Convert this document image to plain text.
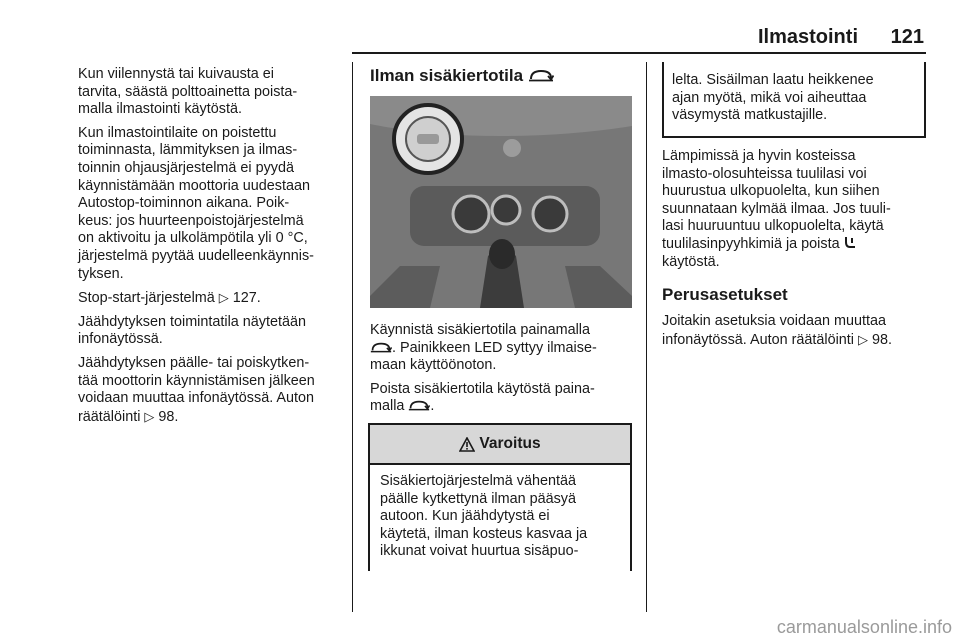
Ilmastointi 121

Kun viilennystä tai kuivausta ei
tarvita, säästä polttoainetta poista-
malla ilmastointi käytöstä.

Kun ilmastointilaite on poistettu
toiminnasta, lämmityksen ja ilmas-
toinnin ohjausjärjestelmä ei pyydä
käynnistämään moottoria uudestaan
Autostop-toiminnon aikana. Poik-
keus: jos huurteenpoistojärjestelmä
on aktivoitu ja ulkolämpötila yli 0 °C,
järjestelmä pyytää uudelleenkäynnis-
tyksen.

Stop-start-järjestelmä ▷ 127.

Jäähdytyksen toimintatila näytetään
infonäytössä.

Jäähdytyksen päälle- tai poiskytken-
tää moottorin käynnistämisen jälkeen
voidaan muuttaa infonäytössä. Auton
räätälöinti ▷ 98.

Ilman sisäkiertotila

Käynnistä sisäkiertotila painamalla
. Painikkeen LED syttyy ilmaise-
maan käyttöönoton.

Poista sisäkiertotila käytöstä paina-
malla .

Varoitus
Sisäkiertojärjestelmä vähentää
päälle kytkettynä ilman pääsyä
autoon. Kun jäähdytystä ei
käytetä, ilman kosteus kasvaa ja
ikkunat voivat huurtua sisäpuo-
lelta. Sisäilman laatu heikkenee
ajan myötä, mikä voi aiheuttaa
väsymystä matkustajille.

Lämpimissä ja hyvin kosteissa
ilmasto-olosuhteissa tuulilasi voi
huurustua ulkopuolelta, kun siihen
suunnataan kylmää ilmaa. Jos tuuli-
lasi huuruuntuu ulkopuolelta, käytä
tuulilasinpyyhkimiä ja poista
käytöstä.

Perusasetukset

Joitakin asetuksia voidaan muuttaa
infonäytössä. Auton räätälöinti ▷ 98.

carmanualsonline.info
